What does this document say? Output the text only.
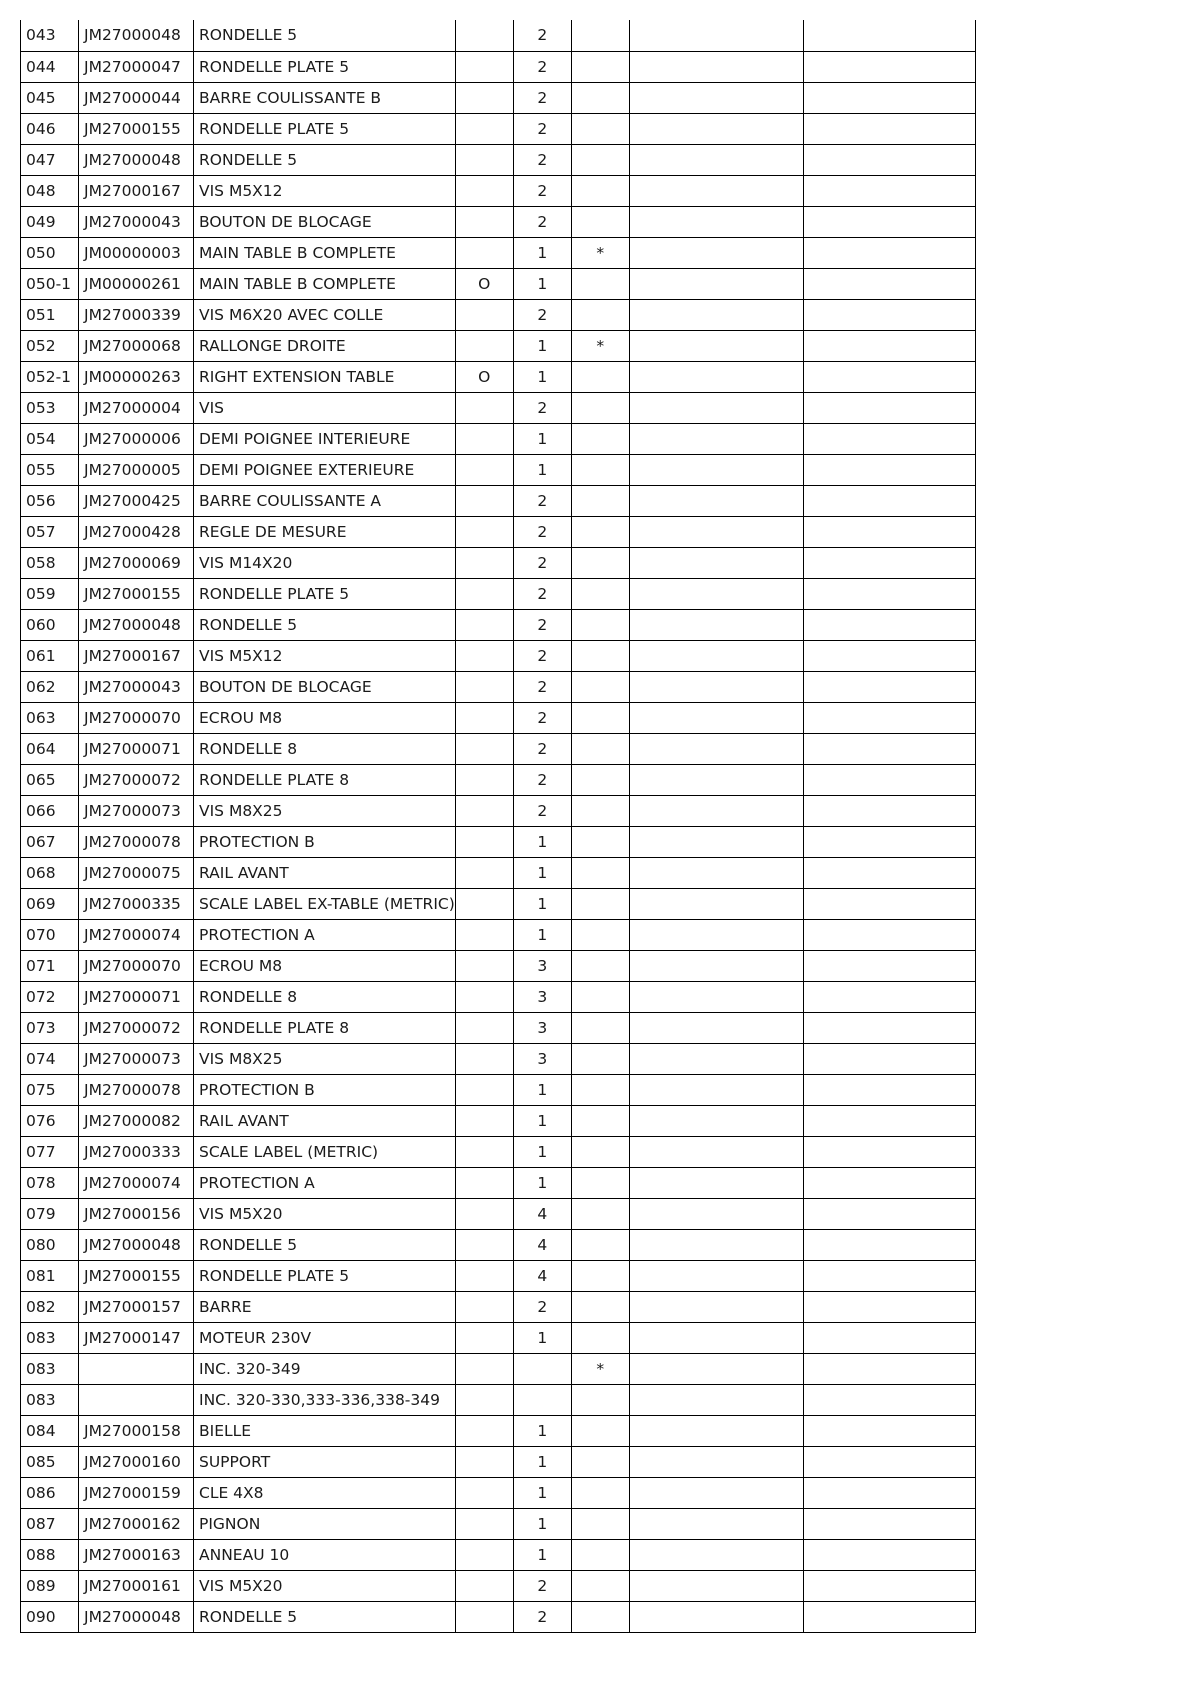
043	JM27000048	RONDELLE 5		2			
044	JM27000047	RONDELLE PLATE 5		2			
045	JM27000044	BARRE COULISSANTE B		2			
046	JM27000155	RONDELLE PLATE 5		2			
047	JM27000048	RONDELLE 5		2			
048	JM27000167	VIS M5X12		2			
049	JM27000043	BOUTON DE BLOCAGE		2			
050	JM00000003	MAIN TABLE B COMPLETE		1	*		
050-1	JM00000261	MAIN TABLE B COMPLETE	O	1			
051	JM27000339	VIS M6X20 AVEC COLLE		2			
052	JM27000068	RALLONGE DROITE		1	*		
052-1	JM00000263	RIGHT EXTENSION TABLE	O	1			
053	JM27000004	VIS		2			
054	JM27000006	DEMI POIGNEE INTERIEURE		1			
055	JM27000005	DEMI POIGNEE EXTERIEURE		1			
056	JM27000425	BARRE COULISSANTE A		2			
057	JM27000428	REGLE DE MESURE		2			
058	JM27000069	VIS M14X20		2			
059	JM27000155	RONDELLE PLATE 5		2			
060	JM27000048	RONDELLE 5		2			
061	JM27000167	VIS M5X12		2			
062	JM27000043	BOUTON DE BLOCAGE		2			
063	JM27000070	ECROU M8		2			
064	JM27000071	RONDELLE 8		2			
065	JM27000072	RONDELLE PLATE 8		2			
066	JM27000073	VIS M8X25		2			
067	JM27000078	PROTECTION B		1			
068	JM27000075	RAIL AVANT		1			
069	JM27000335	SCALE LABEL EX-TABLE (METRIC)		1			
070	JM27000074	PROTECTION A		1			
071	JM27000070	ECROU M8		3			
072	JM27000071	RONDELLE 8		3			
073	JM27000072	RONDELLE PLATE 8		3			
074	JM27000073	VIS M8X25		3			
075	JM27000078	PROTECTION B		1			
076	JM27000082	RAIL AVANT		1			
077	JM27000333	SCALE LABEL (METRIC)		1			
078	JM27000074	PROTECTION A		1			
079	JM27000156	VIS M5X20		4			
080	JM27000048	RONDELLE 5		4			
081	JM27000155	RONDELLE PLATE 5		4			
082	JM27000157	BARRE		2			
083	JM27000147	MOTEUR 230V		1			
083		INC. 320-349			*		
083		INC. 320-330,333-336,338-349					
084	JM27000158	BIELLE		1			
085	JM27000160	SUPPORT		1			
086	JM27000159	CLE 4X8		1			
087	JM27000162	PIGNON		1			
088	JM27000163	ANNEAU 10		1			
089	JM27000161	VIS M5X20		2			
090	JM27000048	RONDELLE 5		2			
